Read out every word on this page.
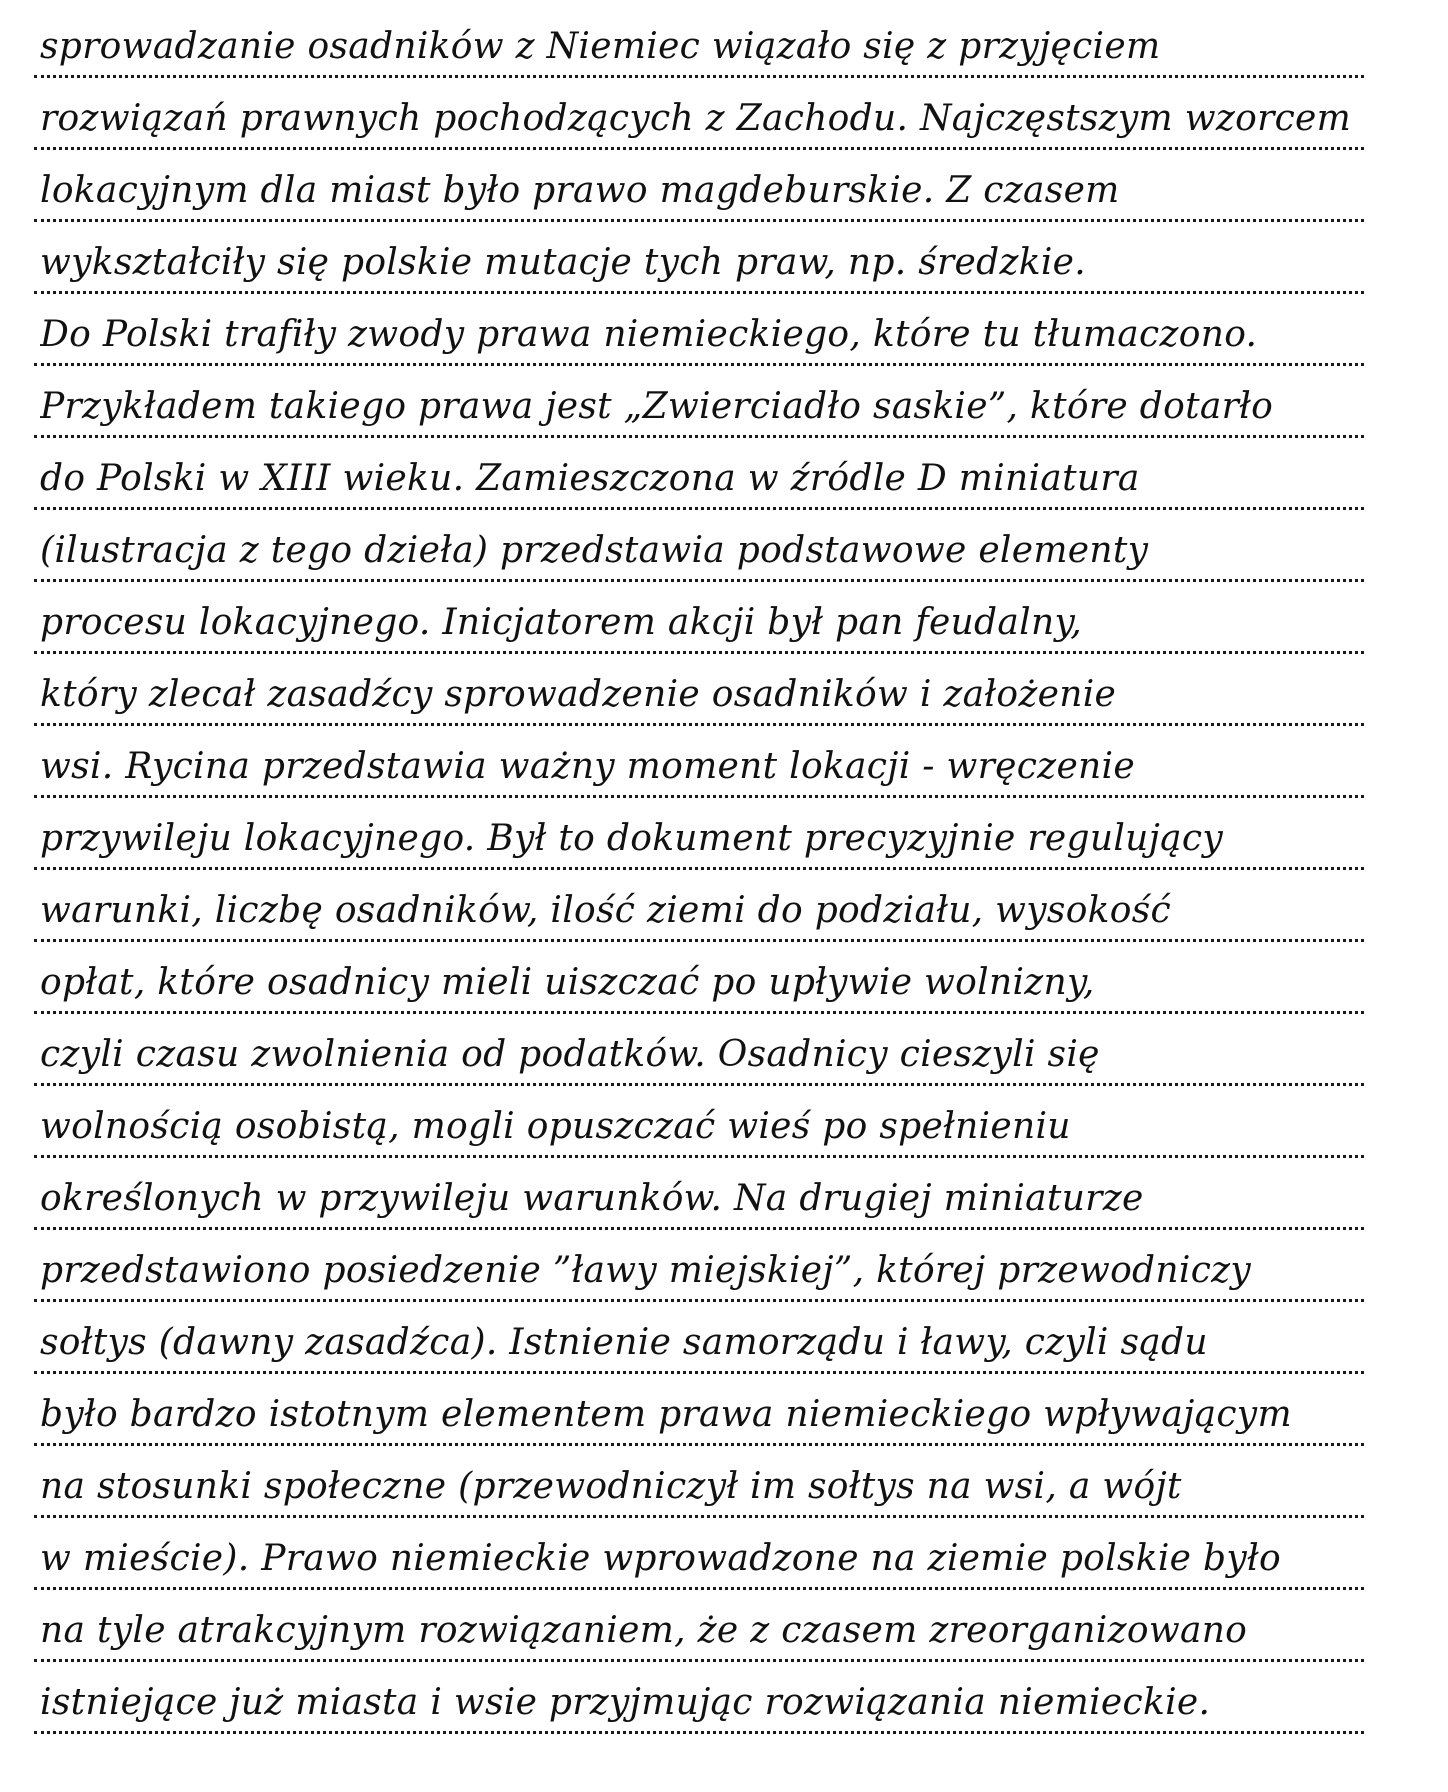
sprowadzanie osadników z Niemiec wiązało się z przyjęciem
rozwiązań prawnych pochodzących z Zachodu. Najczęstszym wzorcem
lokacyjnym dla miast było prawo magdeburskie. Z czasem
wykształciły się polskie mutacje tych praw, np. średzkie.
Do Polski trafiły zwody prawa niemieckiego, które tu tłumaczono.
Przykładem takiego prawa jest „Zwierciadło saskie”, które dotarło
do Polski w XIII wieku. Zamieszczona w źródle D miniatura
(ilustracja z tego dzieła) przedstawia podstawowe elementy
procesu lokacyjnego. Inicjatorem akcji był pan feudalny,
który zlecał zasadźcy sprowadzenie osadników i założenie
wsi. Rycina przedstawia ważny moment lokacji - wręczenie
przywileju lokacyjnego. Był to dokument precyzyjnie regulujący
warunki, liczbę osadników, ilość ziemi do podziału, wysokość
opłat, które osadnicy mieli uiszczać po upływie wolnizny,
czyli czasu zwolnienia od podatków. Osadnicy cieszyli się
wolnością osobistą, mogli opuszczać wieś po spełnieniu
określonych w przywileju warunków. Na drugiej miniaturze
przedstawiono posiedzenie ”ławy miejskiej”, której przewodniczy
sołtys (dawny zasadźca). Istnienie samorządu i ławy, czyli sądu
było bardzo istotnym elementem prawa niemieckiego wpływającym
na stosunki społeczne (przewodniczył im sołtys na wsi, a wójt
w mieście). Prawo niemieckie wprowadzone na ziemie polskie było
na tyle atrakcyjnym rozwiązaniem, że z czasem zreorganizowano
istniejące już miasta i wsie przyjmując rozwiązania niemieckie.
